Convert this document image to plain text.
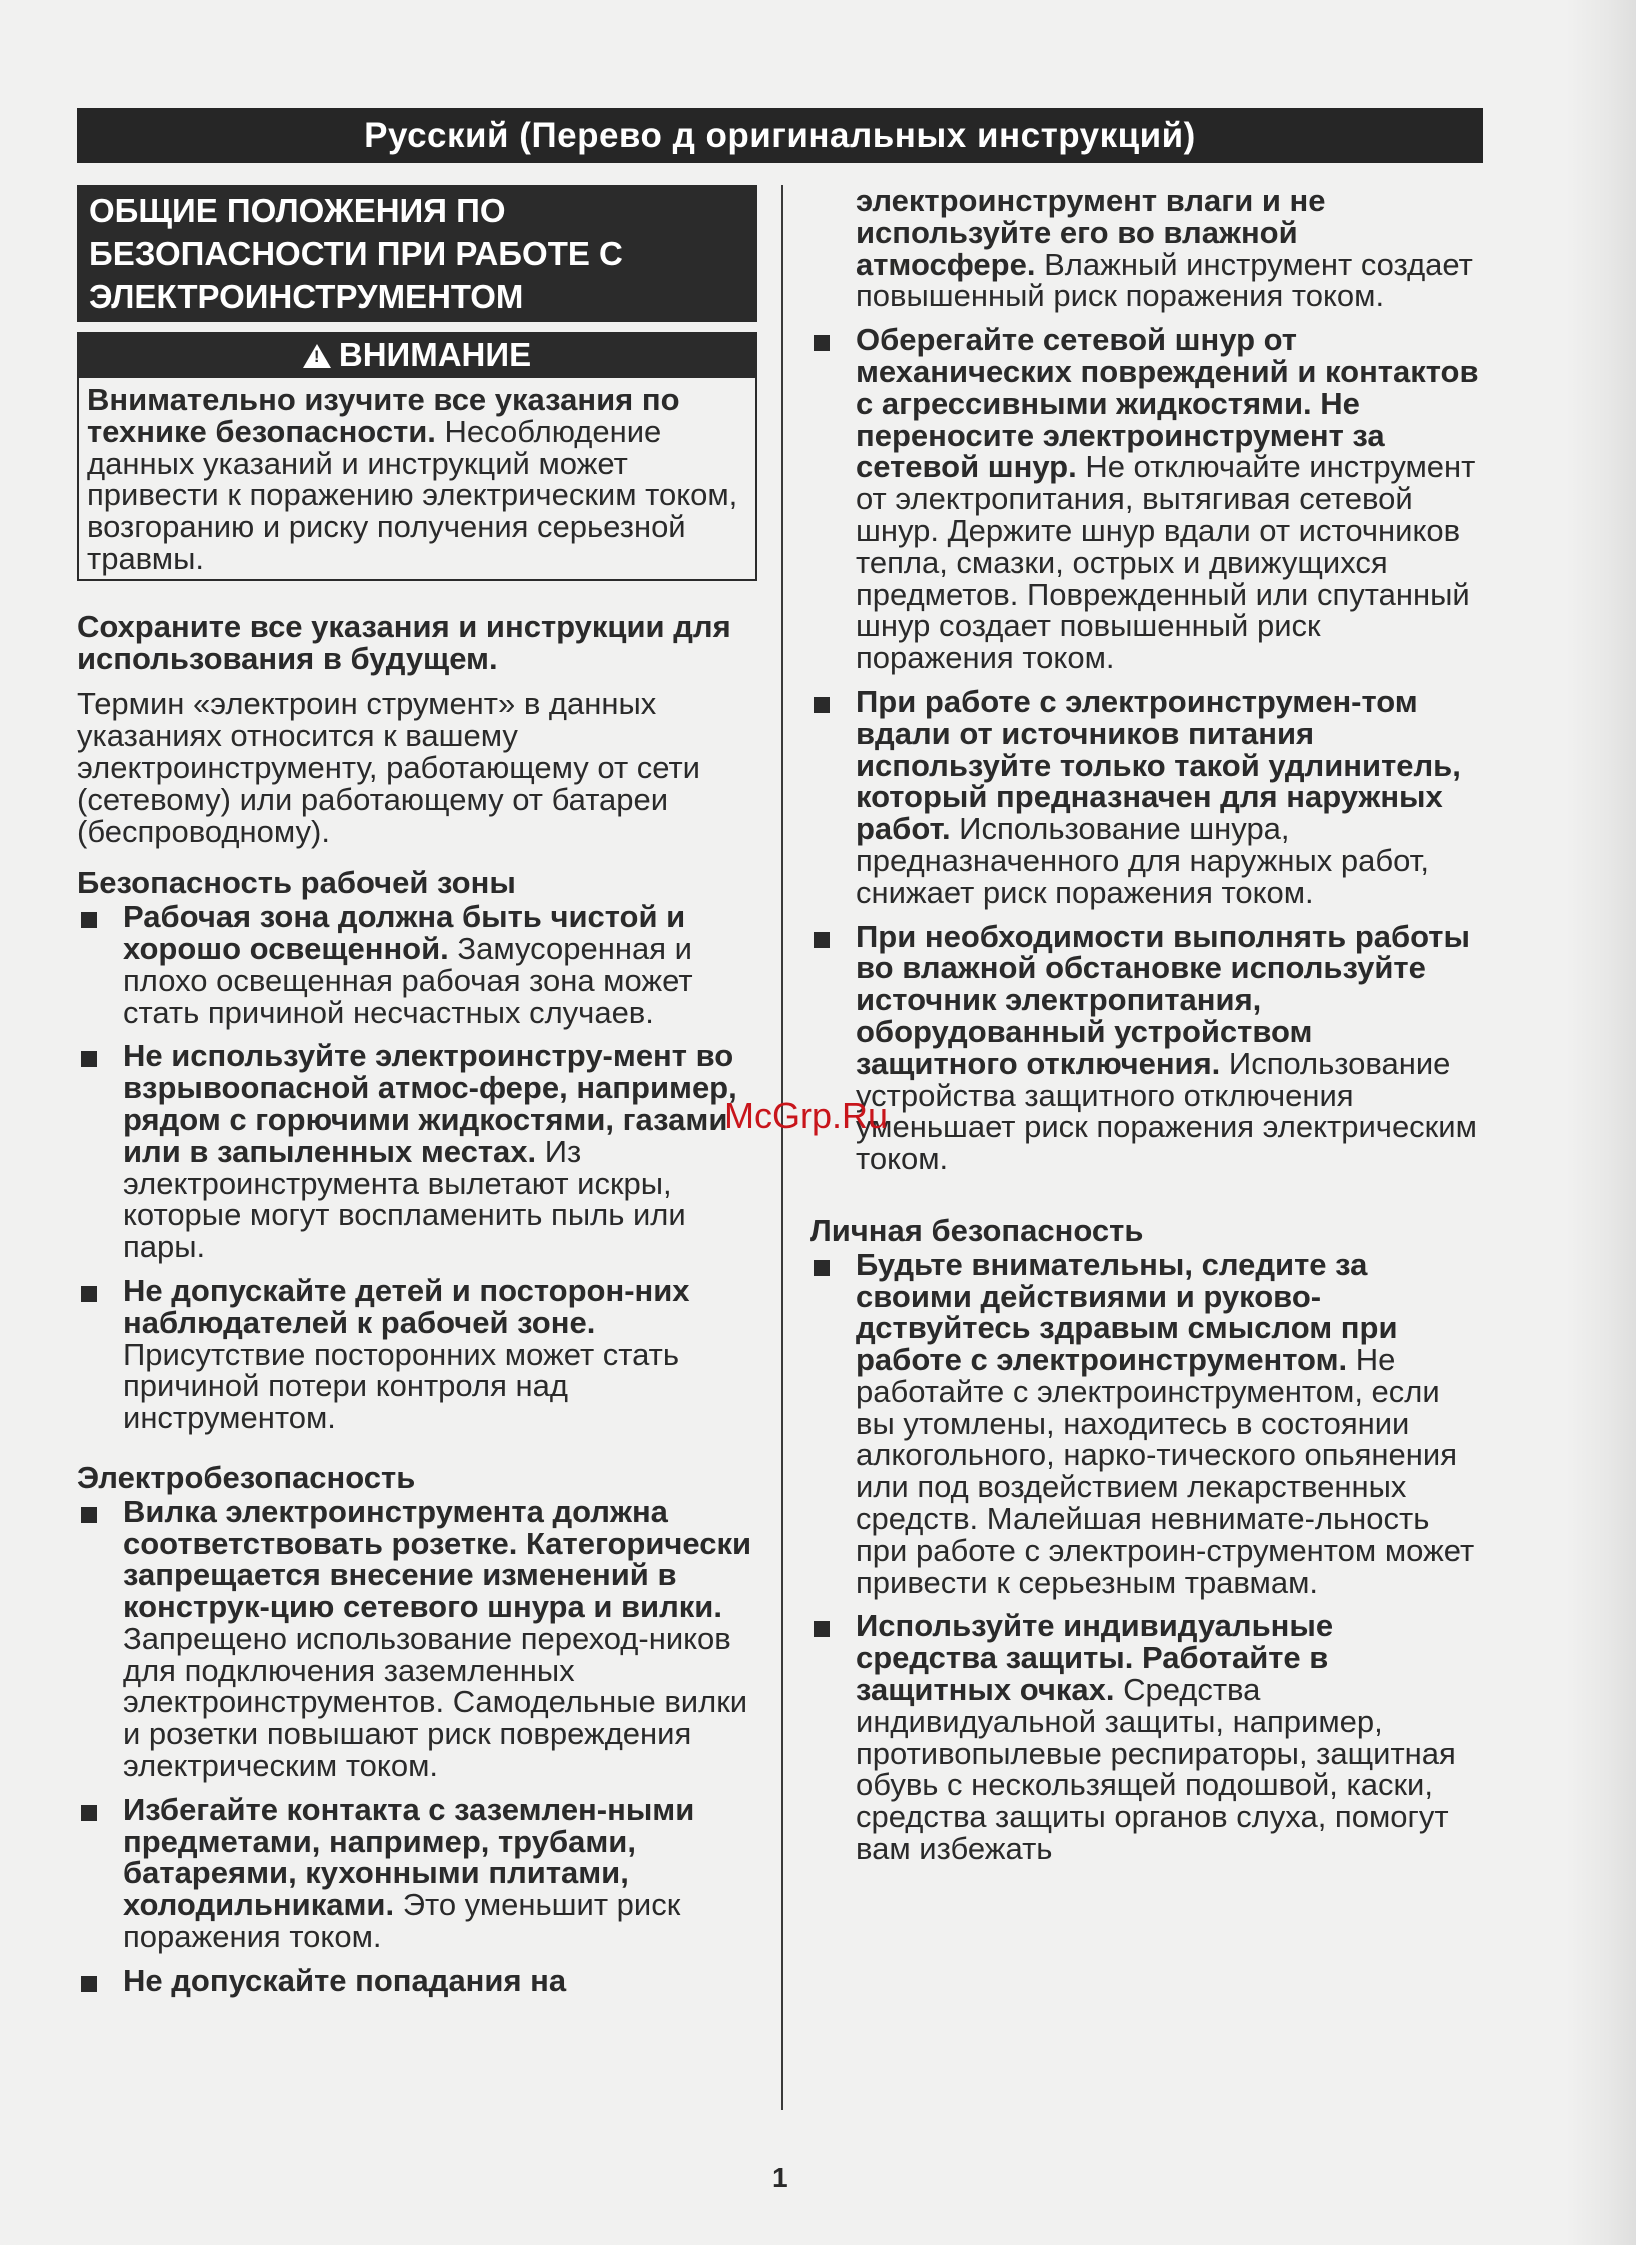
Русский (Перево д оригинальных инструкций)
ОБЩИЕ ПОЛОЖЕНИЯ ПО БЕЗОПАСНОСТИ ПРИ РАБОТЕ С ЭЛЕКТРОИНСТРУМЕНТОМ
!ВНИМАНИЕ
Внимательно изучите все указания по технике безопасности. Несоблюдение данных указаний и инструкций может привести к поражению электрическим током, возгоранию и риску получения серьезной травмы.
Сохраните все указания и инструкции для использования в будущем.
Термин «электроин струмент» в данных указаниях относится к вашему электроинструменту, работающему от сети (сетевому) или работающему от батареи (беспроводному).
Безопасность рабочей зоны
Рабочая зона должна быть чистой и хорошо освещенной. Замусоренная и плохо освещенная рабочая зона может стать причиной несчастных случаев.
Не используйте электроинстру-мент во взрывоопасной атмос-фере, например, рядом с горючими жидкостями, газами или в запыленных местах. Из электроинструмента вылетают искры, которые могут воспламенить пыль или пары.
Не допускайте детей и посторон-них наблюдателей к рабочей зоне. Присутствие посторонних может стать причиной потери контроля над инструментом.
Электробезопасность
Вилка электроинструмента должна соответствовать розетке. Категорически запрещается внесение изменений в конструк-цию сетевого шнура и вилки. Запрещено использование переход-ников для подключения заземленных электроинструментов. Самодельные вилки и розетки повышают риск повреждения электрическим током.
Избегайте контакта с заземлен-ными предметами, например, трубами, батареями, кухонными плитами, холодильниками. Это уменьшит риск поражения током.
Не допускайте попадания на
электроинструмент влаги и не используйте его во влажной атмосфере. Влажный инструмент создает повышенный риск поражения током.
Оберегайте сетевой шнур от механических повреждений и контактов с агрессивными жидкостями. Не переносите электроинструмент за сетевой шнур. Не отключайте инструмент от электропитания, вытягивая сетевой шнур. Держите шнур вдали от источников тепла, смазки, острых и движущихся предметов. Поврежденный или спутанный шнур создает повышенный риск поражения током.
При работе с электроинструмен-том вдали от источников питания используйте только такой удлинитель, который предназначен для наружных работ. Использование шнура, предназначенного для наружных работ, снижает риск поражения током.
При необходимости выполнять работы во влажной обстановке используйте источник электропитания, оборудованный устройством защитного отключения. Использование устройства защитного отключения уменьшает риск поражения электрическим током.
Личная безопасность
Будьте внимательны, следите за своими действиями и руково-дствуйтесь здравым смыслом при работе с электроинструментом. Не работайте с электроинструментом, если вы утомлены, находитесь в состоянии алкогольного, нарко-тического опьянения или под воздействием лекарственных средств. Малейшая невнимате-льность при работе с электроин-струментом может привести к серьезным травмам.
Используйте индивидуальные средства защиты. Работайте в защитных очках. Средства индивидуальной защиты, например, противопылевые респираторы, защитная обувь с нескользящей подошвой, каски, средства защиты органов слуха, помогут вам избежать
McGrp.Ru
1
